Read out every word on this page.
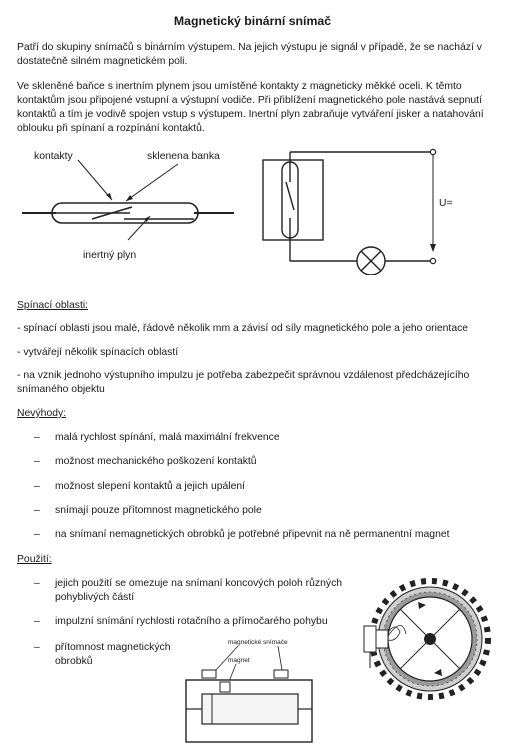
Magnetický binární snímač

Patří do skupiny snímačů s binárním výstupem. Na jejich výstupu je signál v případě, že se nachází v dostatečně silném magnetickém poli.

Ve skleněné baňce s inertním plynem jsou umístěné kontakty z magneticky měkké oceli. K těmto kontaktům jsou připojené vstupní a výstupní vodiče. Při přiblížení magnetického pole nastává sepnutí kontaktů a tím je vodivě spojen vstup s výstupem. Inertní plyn zabraňuje vytváření jisker a natahování oblouku při spínaní a rozpínání kontaktů.

kontakty	sklenena banka
inertný plyn
U=

Spínací oblasti:

- spínací oblasti jsou malé, řádově několik mm a závisí od síly magnetického pole a jeho orientace

- vytvářejí několik spínacích oblastí

- na vznik jednoho výstupního impulzu je potřeba zabezpečit správnou vzdálenost předcházejícího snímaného objektu

Nevýhody:

– malá rychlost spínání, malá maximální frekvence

– možnost mechanického poškození kontaktů

– možnost slepení kontaktů a jejich upálení

– snímají pouze přítomnost magnetického pole

– na snímaní nemagnetických obrobků je potřebné připevnit na ně permanentní magnet

Použití:

– jejich použití se omezuje na snímaní koncových poloh různých pohyblivých částí

– impulzní snímání rychlosti rotačního a přímočarého pohybu

– přítomnost magnetických obrobků

magnetické snímače
magnet
